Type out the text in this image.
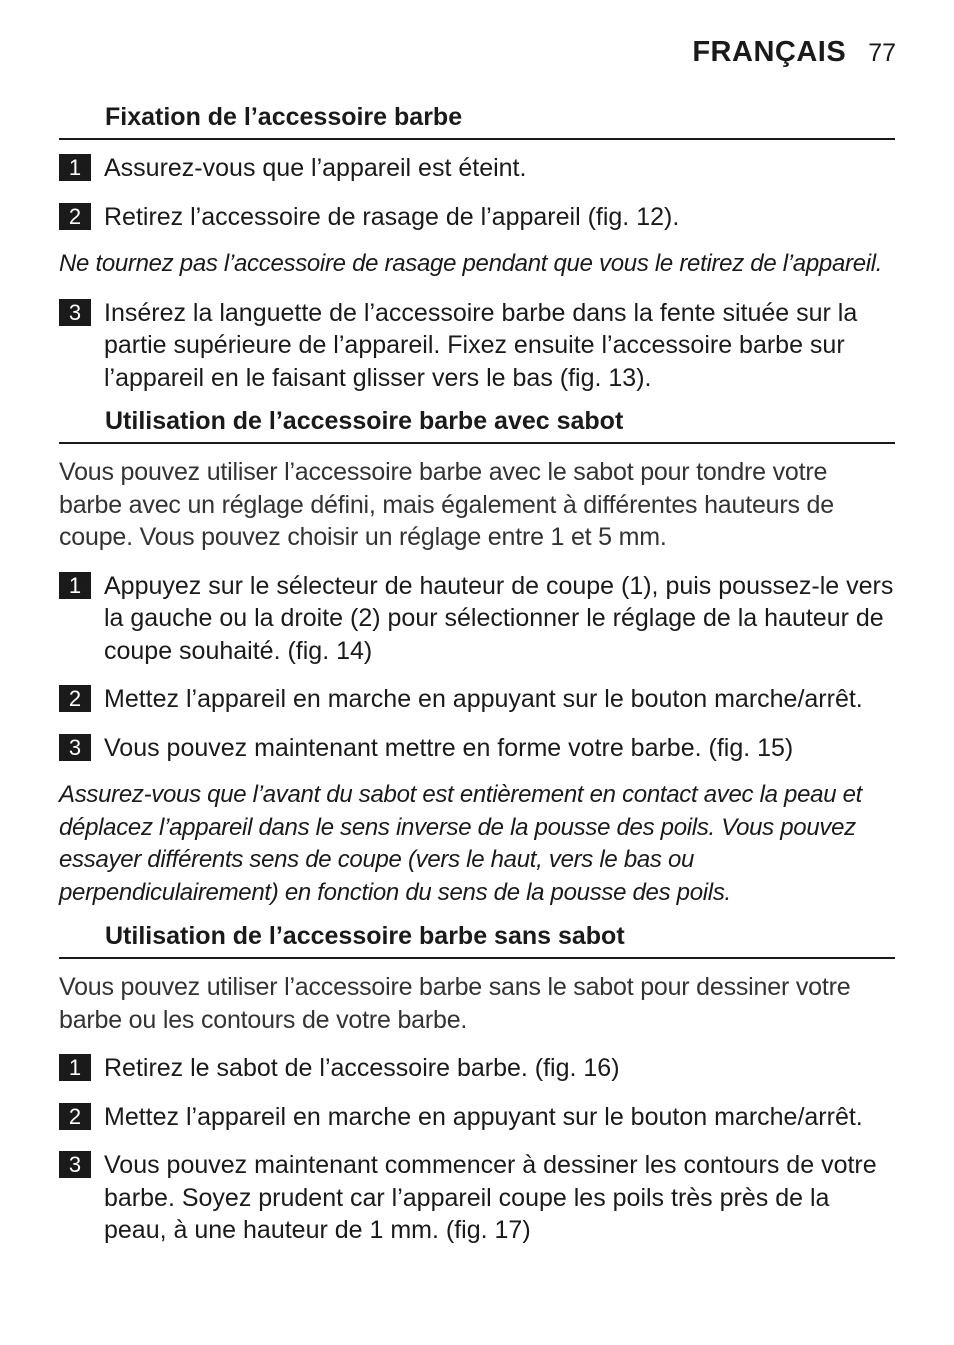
FRANÇAIS 77
Fixation de l’accessoire barbe
1 Assurez-vous que l’appareil est éteint.
2 Retirez l’accessoire de rasage de l’appareil (fig. 12).
Ne tournez pas l’accessoire de rasage pendant que vous le retirez de l’appareil.
3 Insérez la languette de l’accessoire barbe dans la fente située sur la partie supérieure de l’appareil. Fixez ensuite l’accessoire barbe sur l’appareil en le faisant glisser vers le bas (fig. 13).
Utilisation de l’accessoire barbe avec sabot
Vous pouvez utiliser l’accessoire barbe avec le sabot pour tondre votre barbe avec un réglage défini, mais également à différentes hauteurs de coupe. Vous pouvez choisir un réglage entre 1 et 5 mm.
1 Appuyez sur le sélecteur de hauteur de coupe (1), puis poussez-le vers la gauche ou la droite (2) pour sélectionner le réglage de la hauteur de coupe souhaité. (fig. 14)
2 Mettez l’appareil en marche en appuyant sur le bouton marche/arrêt.
3 Vous pouvez maintenant mettre en forme votre barbe. (fig. 15)
Assurez-vous que l’avant du sabot est entièrement en contact avec la peau et déplacez l’appareil dans le sens inverse de la pousse des poils. Vous pouvez essayer différents sens de coupe (vers le haut, vers le bas ou perpendiculairement) en fonction du sens de la pousse des poils.
Utilisation de l’accessoire barbe sans sabot
Vous pouvez utiliser l’accessoire barbe sans le sabot pour dessiner votre barbe ou les contours de votre barbe.
1 Retirez le sabot de l’accessoire barbe. (fig. 16)
2 Mettez l’appareil en marche en appuyant sur le bouton marche/arrêt.
3 Vous pouvez maintenant commencer à dessiner les contours de votre barbe. Soyez prudent car l’appareil coupe les poils très près de la peau, à une hauteur de 1 mm. (fig. 17)
